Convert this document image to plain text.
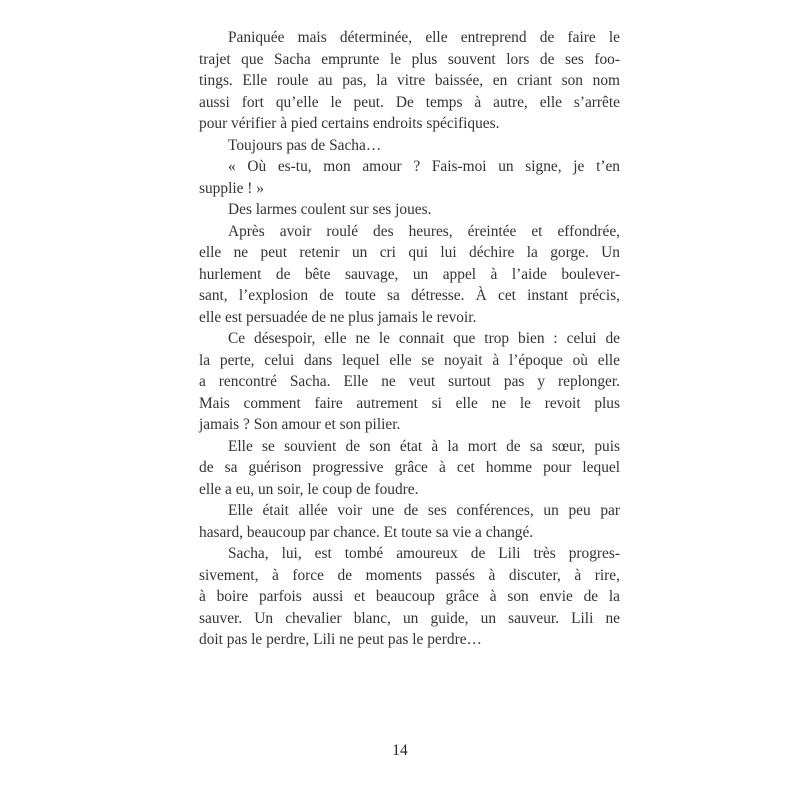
Paniquée mais déterminée, elle entreprend de faire le
trajet que Sacha emprunte le plus souvent lors de ses foo-
tings. Elle roule au pas, la vitre baissée, en criant son nom
aussi fort qu’elle le peut. De temps à autre, elle s’arrête
pour vérifier à pied certains endroits spécifiques.
Toujours pas de Sacha…
« Où es-tu, mon amour ? Fais-moi un signe, je t’en
supplie ! »
Des larmes coulent sur ses joues.
Après avoir roulé des heures, éreintée et effondrée,
elle ne peut retenir un cri qui lui déchire la gorge. Un
hurlement de bête sauvage, un appel à l’aide boulever-
sant, l’explosion de toute sa détresse. À cet instant précis,
elle est persuadée de ne plus jamais le revoir.
Ce désespoir, elle ne le connait que trop bien : celui de
la perte, celui dans lequel elle se noyait à l’époque où elle
a rencontré Sacha. Elle ne veut surtout pas y replonger.
Mais comment faire autrement si elle ne le revoit plus
jamais ? Son amour et son pilier.
Elle se souvient de son état à la mort de sa sœur, puis
de sa guérison progressive grâce à cet homme pour lequel
elle a eu, un soir, le coup de foudre.
Elle était allée voir une de ses conférences, un peu par
hasard, beaucoup par chance. Et toute sa vie a changé.
Sacha, lui, est tombé amoureux de Lili très progres-
sivement, à force de moments passés à discuter, à rire,
à boire parfois aussi et beaucoup grâce à son envie de la
sauver. Un chevalier blanc, un guide, un sauveur. Lili ne
doit pas le perdre, Lili ne peut pas le perdre…
14
